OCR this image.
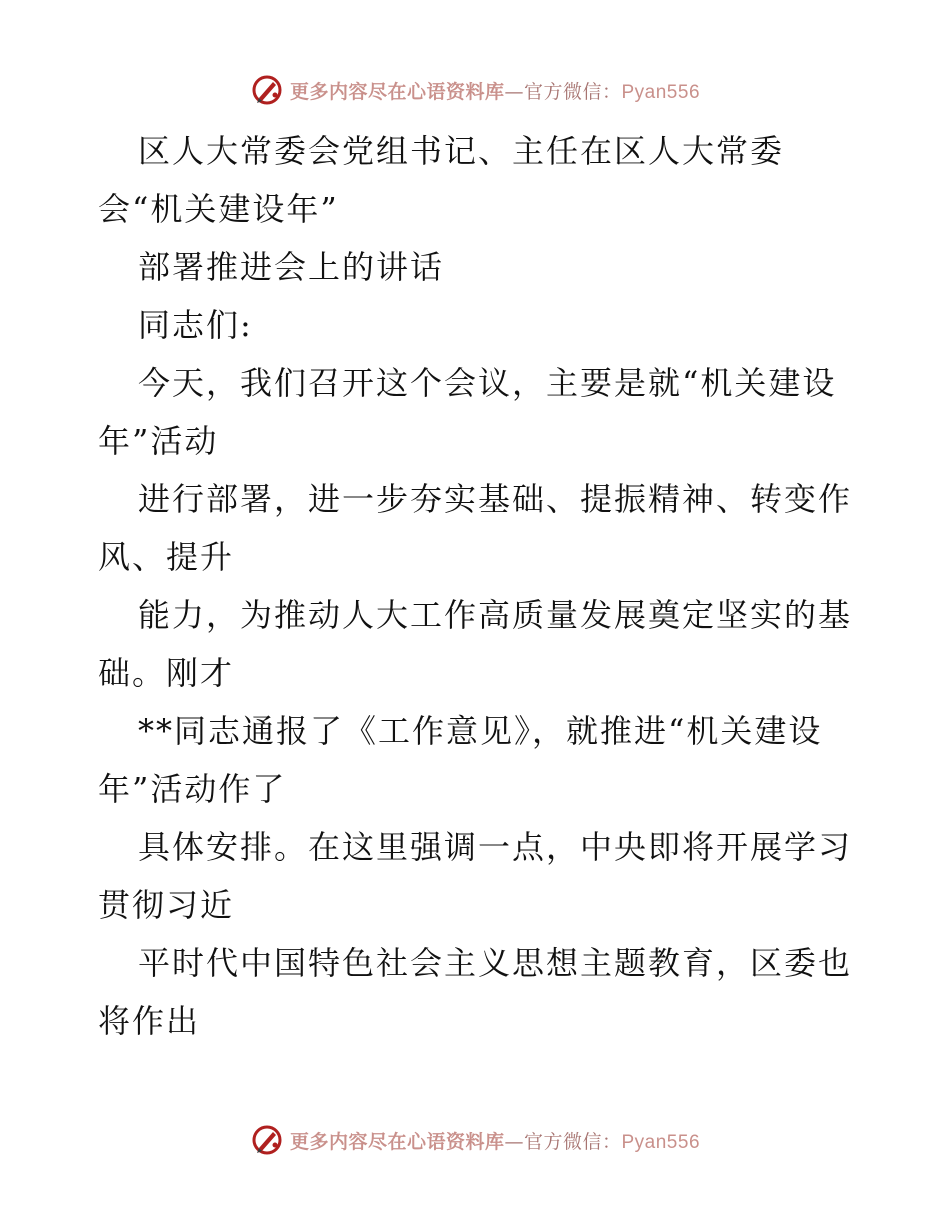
更多内容尽在心语资料库—官方微信：Pyan556
区人大常委会党组书记、主任在区人大常委
会“机关建设年”
部署推进会上的讲话
同志们:
今天，我们召开这个会议，主要是就“机关建设
年”活动
进行部署，进一步夯实基础、提振精神、转变作
风、提升
能力，为推动人大工作高质量发展奠定坚实的基
础。刚才
**同志通报了《工作意见》，就推进“机关建设
年”活动作了
具体安排。在这里强调一点，中央即将开展学习
贯彻习近
平时代中国特色社会主义思想主题教育，区委也
将作出
更多内容尽在心语资料库—官方微信：Pyan556
